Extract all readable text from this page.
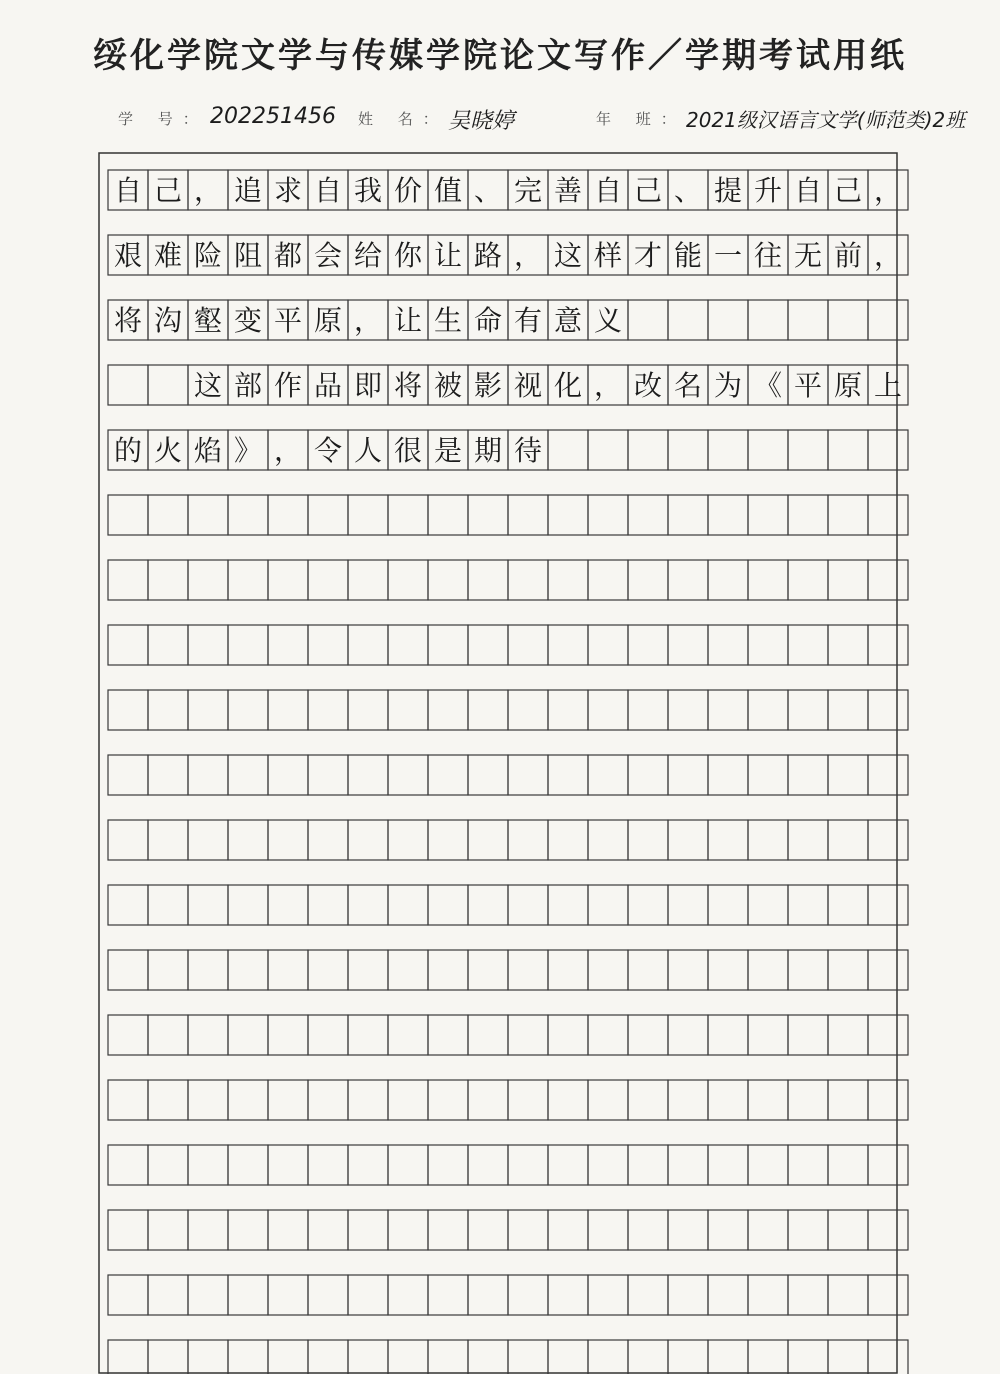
绥化学院文学与传媒学院论文写作／学期考试用纸
学 号： 202251456 姓 名： 吴晓婷	年 班： 2021级汉语言文学(师范类)2班
自 己 ， 追 求 自 我 价 值 、 完 善 自 己 、 提 升 自 己 ，
艰 难 险 阻 都 会 给 你 让 路 ， 这 样 才 能 一 往 无 前 ，
将 沟 壑 变 平 原 ， 让 生 命 有 意 义
这 部 作 品 即 将 被 影 视 化 ， 改 名 为 《 平 原 上
的 火 焰 》 ， 令 人 很 是 期 待
